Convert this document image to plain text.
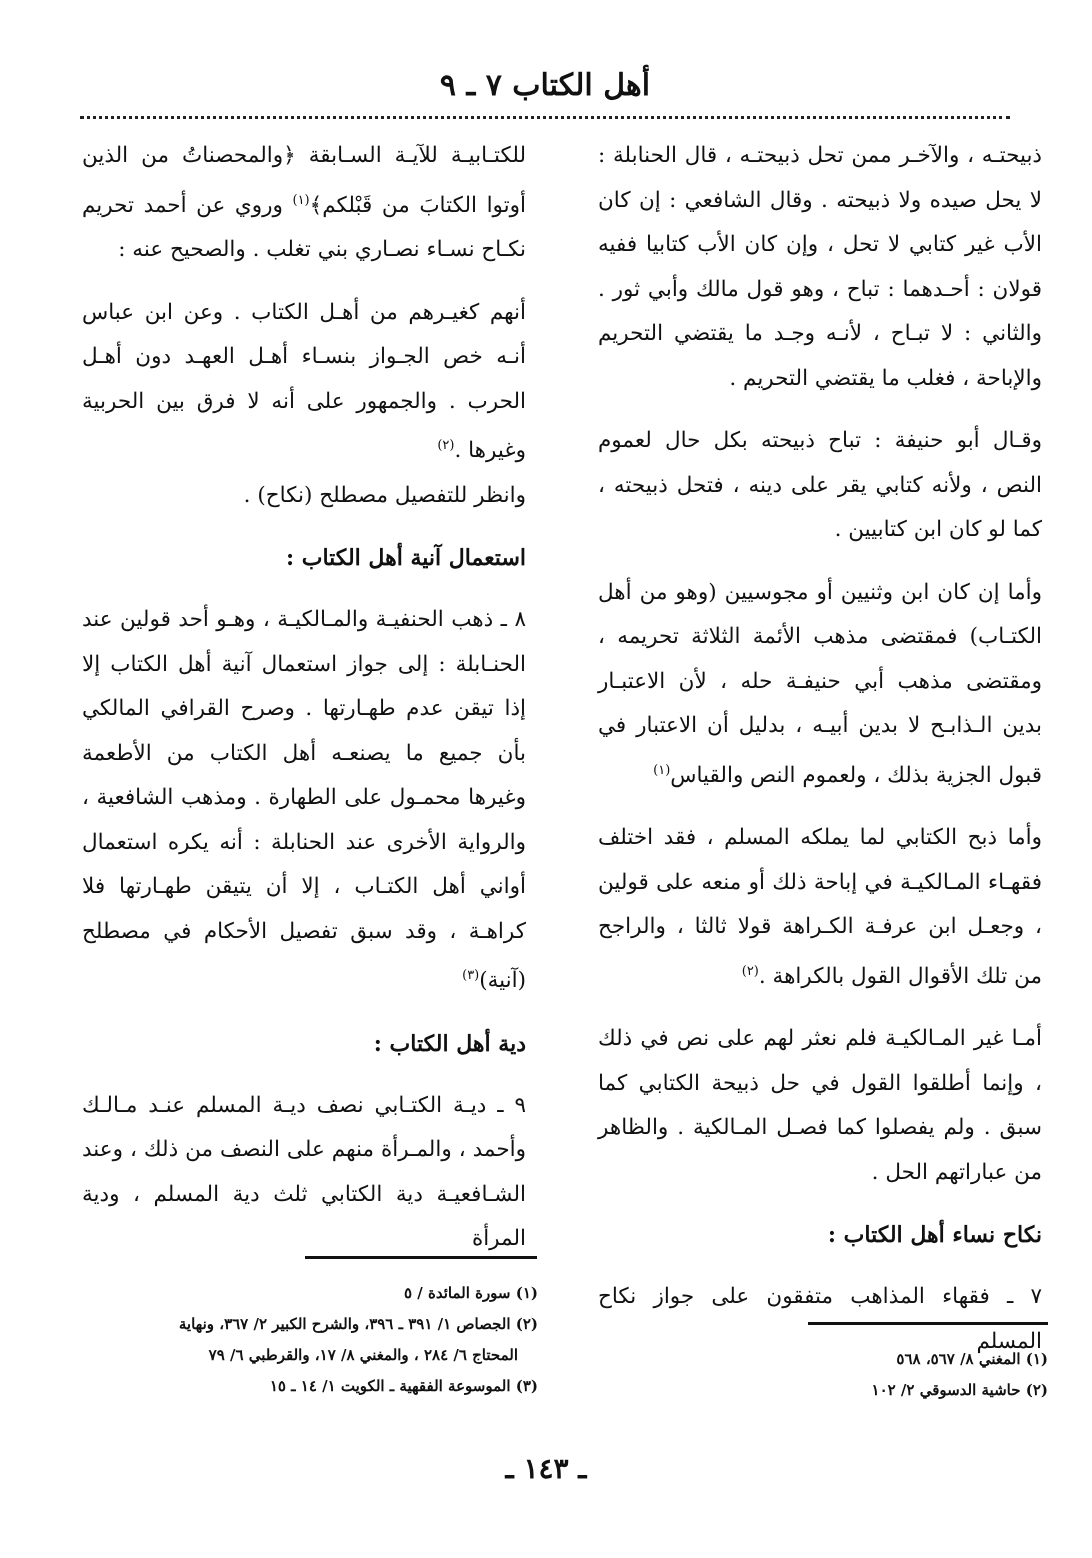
أهل الكتاب ٧ ـ ٩

ذبيحتـه ، والآخـر ممن تحل ذبيحتـه ، قال الحنابلة : لا يحل صيده ولا ذبيحته . وقال الشافعي : إن كان الأب غير كتابي لا تحل ، وإن كان الأب كتابيا ففيه قولان : أحـدهما : تباح ، وهو قول مالك وأبي ثور . والثاني : لا تبـاح ، لأنـه وجـد ما يقتضي التحريم والإباحة ، فغلب ما يقتضي التحريم .

وقـال أبو حنيفة : تباح ذبيحته بكل حال لعموم النص ، ولأنه كتابي يقر على دينه ، فتحل ذبيحته ، كما لو كان ابن كتابيين .

وأما إن كان ابن وثنيين أو مجوسيين (وهو من أهل الكتـاب) فمقتضى مذهب الأئمة الثلاثة تحريمه ، ومقتضى مذهب أبي حنيفـة حله ، لأن الاعتبـار بدين الـذابـح لا بدين أبيـه ، بدليل أن الاعتبار في قبول الجزية بذلك ، ولعموم النص والقياس$^{(١)}$

وأما ذبح الكتابي لما يملكه المسلم ، فقد اختلف فقهـاء المـالكيـة في إباحة ذلك أو منعه على قولين ، وجعـل ابن عرفـة الكـراهة قولا ثالثا ، والراجح من تلك الأقوال القول بالكراهة .$^{(٢)}$

أمـا غير المـالكيـة فلم نعثر لهم على نص في ذلك ، وإنما أطلقوا القول في حل ذبيحة الكتابي كما سبق . ولم يفصلوا كما فصـل المـالكية . والظاهر من عباراتهم الحل .

نكاح نساء أهل الكتاب :

٧ ـ فقهاء المذاهب متفقون على جواز نكاح المسلم

للكتـابيـة للآيـة السـابقة ﴿والمحصناتُ من الذين أوتوا الكتابَ من قَبْلكم﴾$^{(١)}$ وروي عن أحمد تحريم نكـاح نسـاء نصـاري بني تغلب . والصحيح عنه :

أنهم كغيـرهم من أهـل الكتاب . وعن ابن عباس أنـه خص الجـواز بنسـاء أهـل العهـد دون أهـل الحرب . والجمهور على أنه لا فرق بين الحربية وغيرها .$^{(٢)}$

وانظر للتفصيل مصطلح (نكاح) .

استعمال آنية أهل الكتاب :

٨ ـ ذهب الحنفيـة والمـالكيـة ، وهـو أحد قولين عند الحنـابلة : إلى جواز استعمال آنية أهل الكتاب إلا إذا تيقن عدم طهـارتها . وصرح القرافي المالكي بأن جميع ما يصنعـه أهل الكتاب من الأطعمة وغيرها محمـول على الطهارة . ومذهب الشافعية ، والرواية الأخرى عند الحنابلة : أنه يكره استعمال أواني أهل الكتـاب ، إلا أن يتيقن طهـارتها فلا كراهـة ، وقد سبق تفصيل الأحكام في مصطلح (آنية)$^{(٣)}$

دية أهل الكتاب :

٩ ـ ديـة الكتـابي نصف ديـة المسلم عنـد مـالـك وأحمد ، والمـرأة منهم على النصف من ذلك ، وعند الشـافعيـة دية الكتابي ثلث دية المسلم ، ودية المرأة

(١) سورة المائدة / ٥
(٢) الجصاص ١/ ٣٩١ ـ ٣٩٦، والشرح الكبير ٢/ ٣٦٧، ونهاية
المحتاج ٦/ ٢٨٤ ، والمغني ٨/ ١٧، والقرطبي ٦/ ٧٩
(٣) الموسوعة الفقهية ـ الكويت ١/ ١٤ ـ ١٥
(١) المغني ٨/ ٥٦٧، ٥٦٨
(٢) حاشية الدسوقي ٢/ ١٠٢
ـ ١٤٣ ـ
